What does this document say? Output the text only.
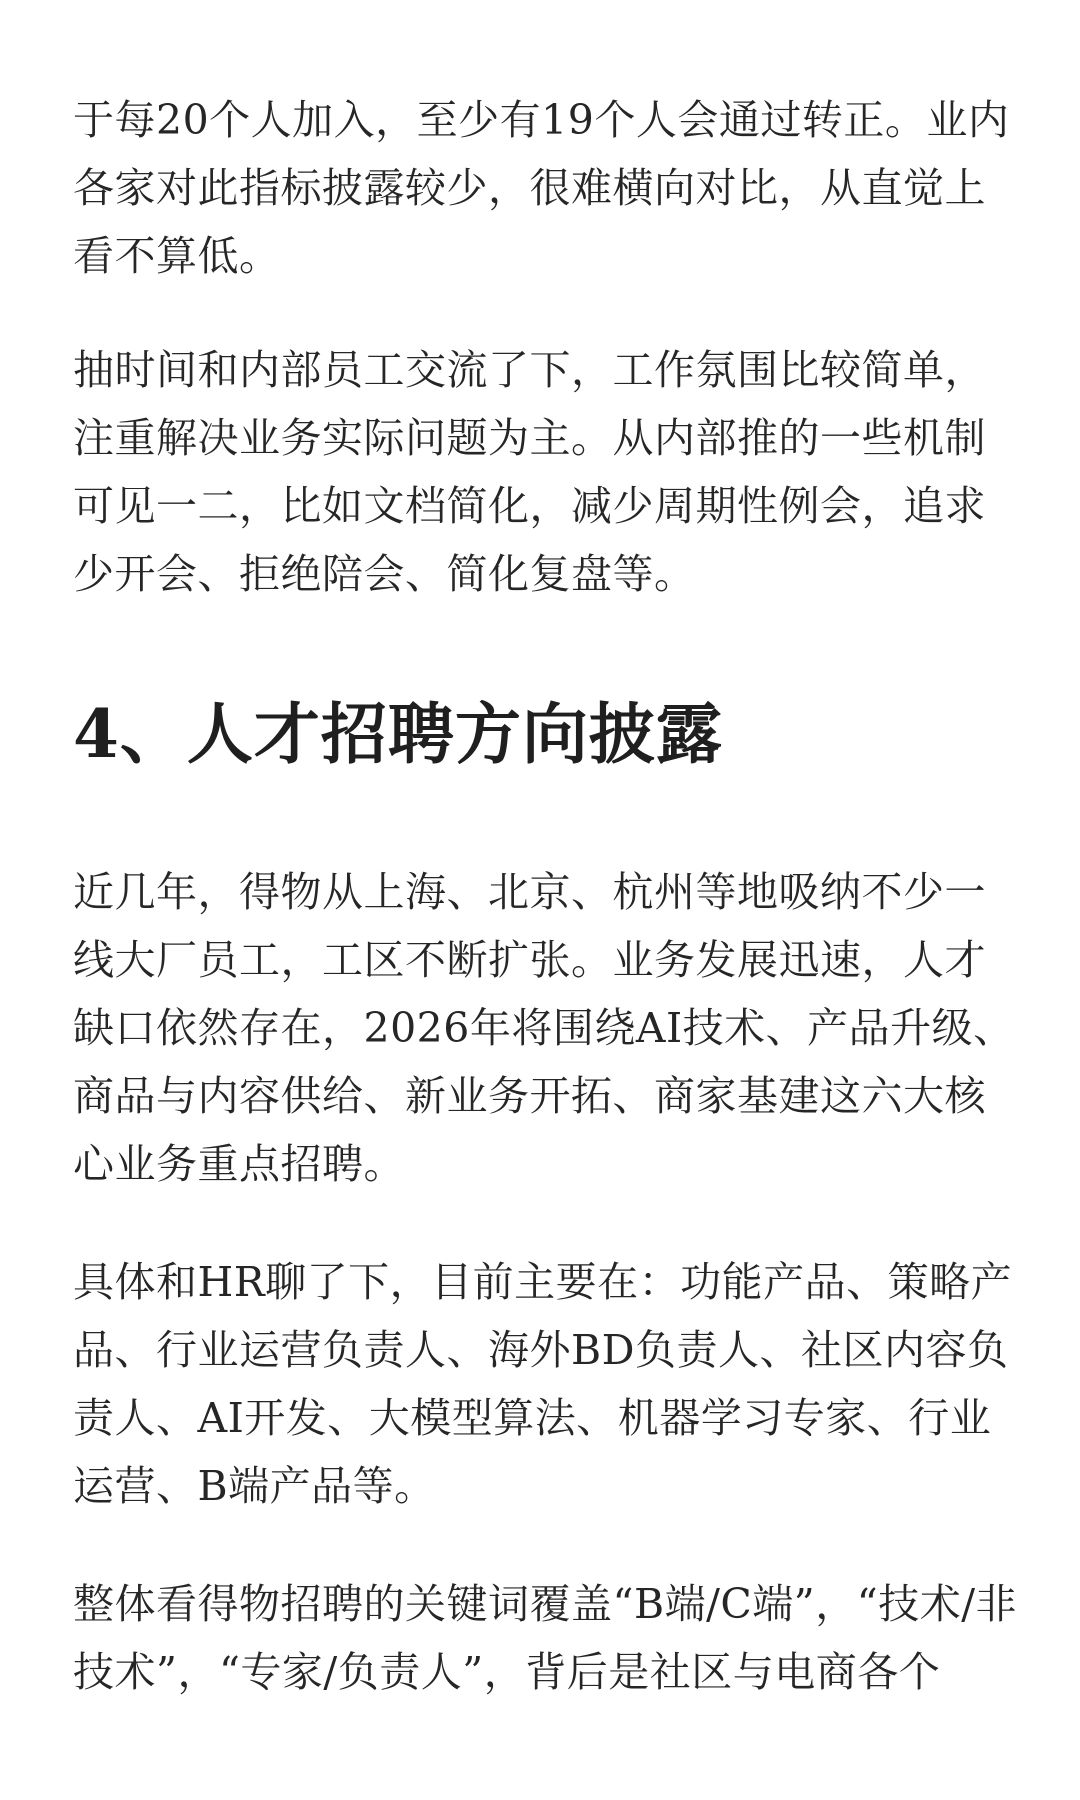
于每20个人加入，至少有19个人会通过转正。业内各家对此指标披露较少，很难横向对比，从直觉上看不算低。

抽时间和内部员工交流了下，工作氛围比较简单，注重解决业务实际问题为主。从内部推的一些机制可见一二，比如文档简化，减少周期性例会，追求少开会、拒绝陪会、简化复盘等。

4、人才招聘方向披露

近几年，得物从上海、北京、杭州等地吸纳不少一线大厂员工，工区不断扩张。业务发展迅速，人才缺口依然存在，2026年将围绕AI技术、产品升级、商品与内容供给、新业务开拓、商家基建这六大核心业务重点招聘。

具体和HR聊了下，目前主要在：功能产品、策略产品、行业运营负责人、海外BD负责人、社区内容负责人、AI开发、大模型算法、机器学习专家、行业运营、B端产品等。

整体看得物招聘的关键词覆盖“B端/C端”，“技术/非技术”，“专家/负责人”，背后是社区与电商各个
